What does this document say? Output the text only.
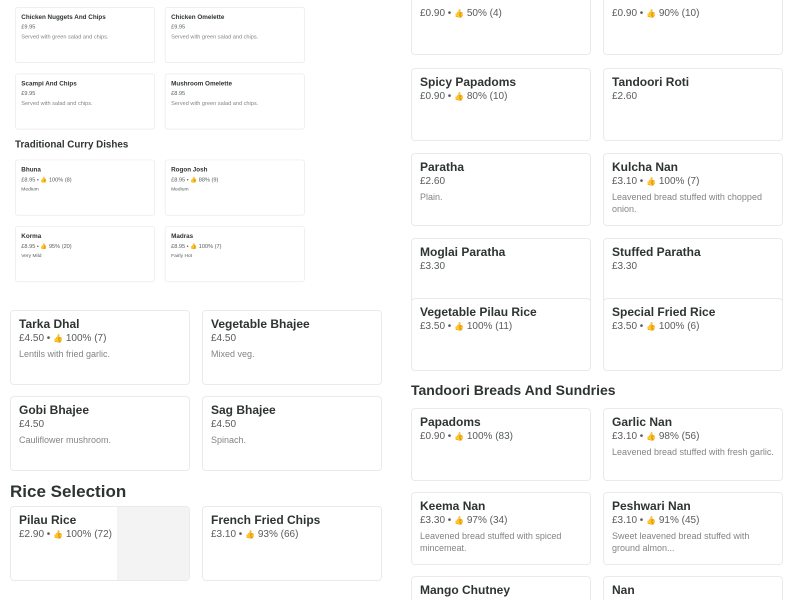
Chicken Nuggets And Chips
£9.95
Served with green salad and chips.
Chicken Omelette
£9.95
Served with green salad and chips.
Scampi And Chips
£9.95
Served with salad and chips.
Mushroom Omelette
£8.95
Served with green salad and chips.
Traditional Curry Dishes
Bhuna
£8.95 • 👍 100% (8)
Medium
Rogon Josh
£8.95 • 👍 88% (9)
Medium
Korma
£8.95 • 👍 95% (20)
Very Mild
Madras
£8.95 • 👍 100% (7)
Fairly Hot
Tarka Dhal
£4.50 • 👍 100% (7)
Lentils with fried garlic.
Vegetable Bhajee
£4.50
Mixed veg.
Gobi Bhajee
£4.50
Cauliflower mushroom.
Sag Bhajee
£4.50
Spinach.
Rice Selection
Pilau Rice
£2.90 • 👍 100% (72)
French Fried Chips
£3.10 • 👍 93% (66)
£0.90 • 👍 50% (4)	£0.90 • 👍 90% (10)
Spicy Papadoms
£0.90 • 👍 80% (10)
Tandoori Roti
£2.60
Paratha
£2.60
Plain.
Kulcha Nan
£3.10 • 👍 100% (7)
Leavened bread stuffed with chopped onion.
Moglai Paratha
£3.30
Stuffed Paratha
£3.30
Vegetable Pilau Rice
£3.50 • 👍 100% (11)
Special Fried Rice
£3.50 • 👍 100% (6)
Tandoori Breads And Sundries
Papadoms
£0.90 • 👍 100% (83)
Garlic Nan
£3.10 • 👍 98% (56)
Leavened bread stuffed with fresh garlic.
Keema Nan
£3.30 • 👍 97% (34)
Leavened bread stuffed with spiced mincemeat.
Peshwari Nan
£3.10 • 👍 91% (45)
Sweet leavened bread stuffed with ground almon...
Mango Chutney	Nan
